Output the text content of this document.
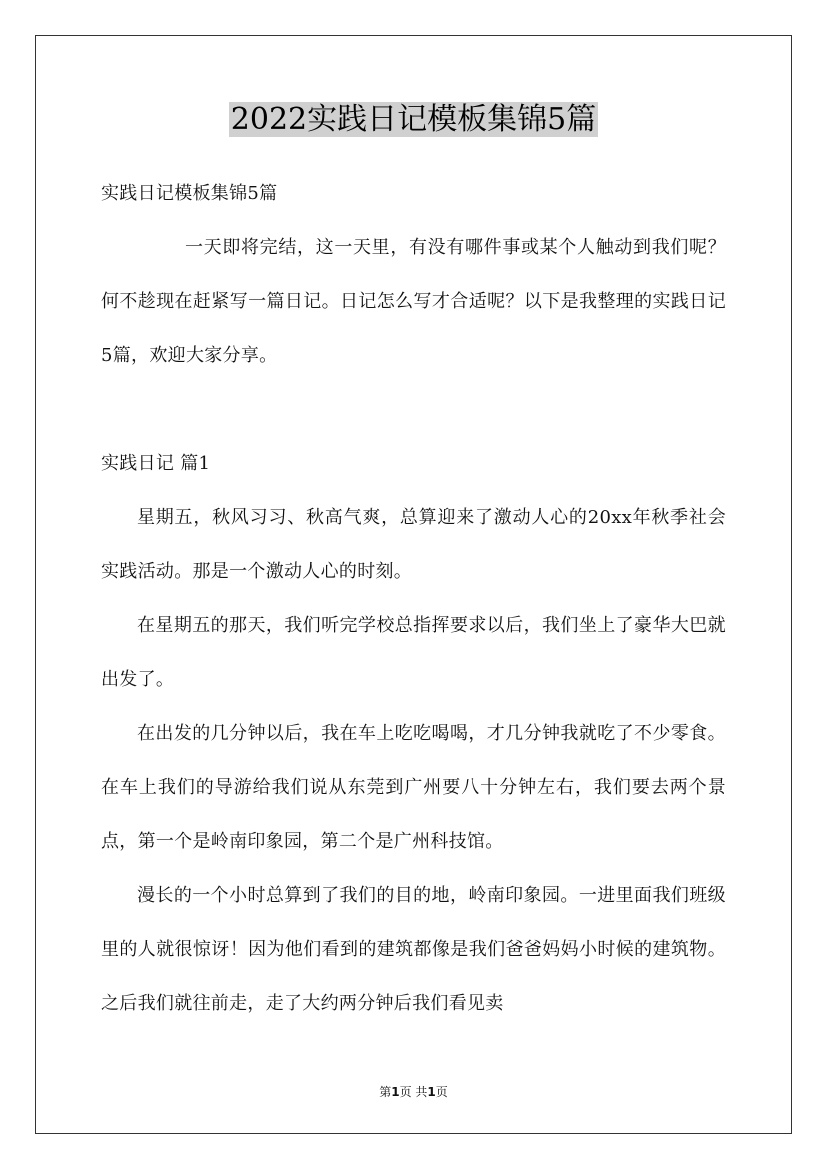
2022实践日记模板集锦5篇

实践日记模板集锦5篇

一天即将完结，这一天里，有没有哪件事或某个人触动到我们呢？何不趁现在赶紧写一篇日记。日记怎么写才合适呢？以下是我整理的实践日记5篇，欢迎大家分享。

实践日记 篇1

星期五，秋风习习、秋高气爽，总算迎来了激动人心的20xx年秋季社会实践活动。那是一个激动人心的时刻。

在星期五的那天，我们听完学校总指挥要求以后，我们坐上了豪华大巴就出发了。

在出发的几分钟以后，我在车上吃吃喝喝，才几分钟我就吃了不少零食。在车上我们的导游给我们说从东莞到广州要八十分钟左右，我们要去两个景点，第一个是岭南印象园，第二个是广州科技馆。

漫长的一个小时总算到了我们的目的地，岭南印象园。一进里面我们班级里的人就很惊讶！因为他们看到的建筑都像是我们爸爸妈妈小时候的建筑物。之后我们就往前走，走了大约两分钟后我们看见卖

第1页 共1页
